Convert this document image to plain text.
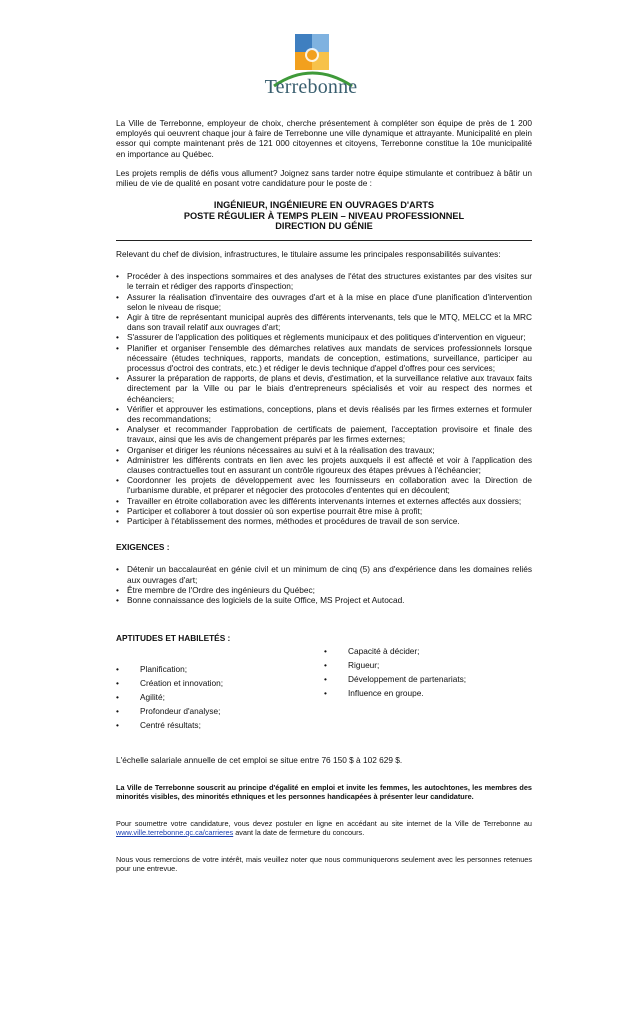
Terrebonne

La Ville de Terrebonne, employeur de choix, cherche présentement à compléter son équipe de près de 1 200 employés qui oeuvrent chaque jour à faire de Terrebonne une ville dynamique et attrayante. Municipalité en plein essor qui compte maintenant près de 121 000 citoyennes et citoyens, Terrebonne constitue la 10e municipalité en importance au Québec.

Les projets remplis de défis vous allument? Joignez sans tarder notre équipe stimulante et contribuez à bâtir un milieu de vie de qualité en posant votre candidature pour le poste de :

INGÉNIEUR, INGÉNIEURE EN OUVRAGES D'ARTS
POSTE RÉGULIER À TEMPS PLEIN – NIVEAU PROFESSIONNEL
DIRECTION DU GÉNIE

Relevant du chef de division, infrastructures, le titulaire assume les principales responsabilités suivantes:

• Procéder à des inspections sommaires et des analyses de l'état des structures existantes par des visites sur le terrain et rédiger des rapports d'inspection;
• Assurer la réalisation d'inventaire des ouvrages d'art et à la mise en place d'une planification d'intervention selon le niveau de risque;
• Agir à titre de représentant municipal auprès des différents intervenants, tels que le MTQ, MELCC et la MRC dans son travail relatif aux ouvrages d'art;
• S'assurer de l'application des politiques et règlements municipaux et des politiques d'intervention en vigueur;
• Planifier et organiser l'ensemble des démarches relatives aux mandats de services professionnels lorsque nécessaire (études techniques, rapports, mandats de conception, estimations, surveillance, participer au processus d'octroi des contrats, etc.) et rédiger le devis technique d'appel d'offres pour ces services;
• Assurer la préparation de rapports, de plans et devis, d'estimation, et la surveillance relative aux travaux faits directement par la Ville ou par le biais d'entrepreneurs spécialisés et voir au respect des normes et échéanciers;
• Vérifier et approuver les estimations, conceptions, plans et devis réalisés par les firmes externes et formuler des recommandations;
• Analyser et recommander l'approbation de certificats de paiement, l'acceptation provisoire et finale des travaux, ainsi que les avis de changement préparés par les firmes externes;
• Organiser et diriger les réunions nécessaires au suivi et à la réalisation des travaux;
• Administrer les différents contrats en lien avec les projets auxquels il est affecté et voir à l'application des clauses contractuelles tout en assurant un contrôle rigoureux des étapes prévues à l'échéancier;
• Coordonner les projets de développement avec les fournisseurs en collaboration avec la Direction de l'urbanisme durable, et préparer et négocier des protocoles d'ententes qui en découlent;
• Travailler en étroite collaboration avec les différents intervenants internes et externes affectés aux dossiers;
• Participer et collaborer à tout dossier où son expertise pourrait être mise à profit;
• Participer à l'établissement des normes, méthodes et procédures de travail de son service.
EXIGENCES :
• Détenir un baccalauréat en génie civil et un minimum de cinq (5) ans d'expérience dans les domaines reliés aux ouvrages d'art;
• Être membre de l'Ordre des ingénieurs du Québec;
• Bonne connaissance des logiciels de la suite Office, MS Project et Autocad.
APTITUDES ET HABILETÉS :
• Planification;
• Création et innovation;
• Agilité;
• Profondeur d'analyse;
• Centré résultats;
• Capacité à décider;
• Rigueur;
• Développement de partenariats;
• Influence en groupe.

L'échelle salariale annuelle de cet emploi se situe entre 76 150 $ à 102 629 $.

La Ville de Terrebonne souscrit au principe d'égalité en emploi et invite les femmes, les autochtones, les membres des minorités visibles, des minorités ethniques et les personnes handicapées à présenter leur candidature.

Pour soumettre votre candidature, vous devez postuler en ligne en accédant au site internet de la Ville de Terrebonne au www.ville.terrebonne.qc.ca/carrieres avant la date de fermeture du concours.

Nous vous remercions de votre intérêt, mais veuillez noter que nous communiquerons seulement avec les personnes retenues pour une entrevue.
